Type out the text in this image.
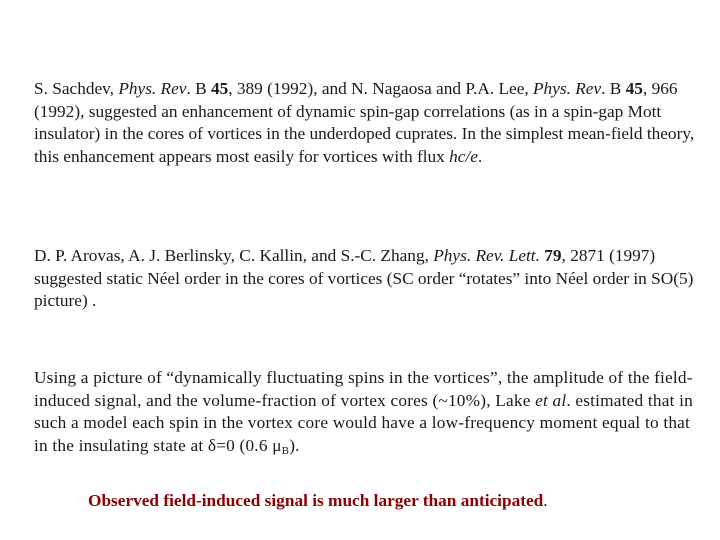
S. Sachdev, Phys. Rev. B 45, 389 (1992), and N. Nagaosa and P.A. Lee, Phys. Rev. B 45, 966 (1992), suggested an enhancement of dynamic spin-gap correlations (as in a spin-gap Mott insulator) in the cores of vortices in the underdoped cuprates. In the simplest mean-field theory, this enhancement appears most easily for vortices with flux hc/e.

D. P. Arovas, A. J. Berlinsky, C. Kallin, and S.-C. Zhang, Phys. Rev. Lett. 79, 2871 (1997) suggested static Néel order in the cores of vortices (SC order “rotates” into Néel order in SO(5) picture) .

Using a picture of “dynamically fluctuating spins in the vortices”, the amplitude of the field-induced signal, and the volume-fraction of vortex cores (~10%), Lake et al. estimated that in such a model each spin in the vortex core would have a low-frequency moment equal to that in the insulating state at δ=0 (0.6 $\mu_B$).

Observed field-induced signal is much larger than anticipated.
